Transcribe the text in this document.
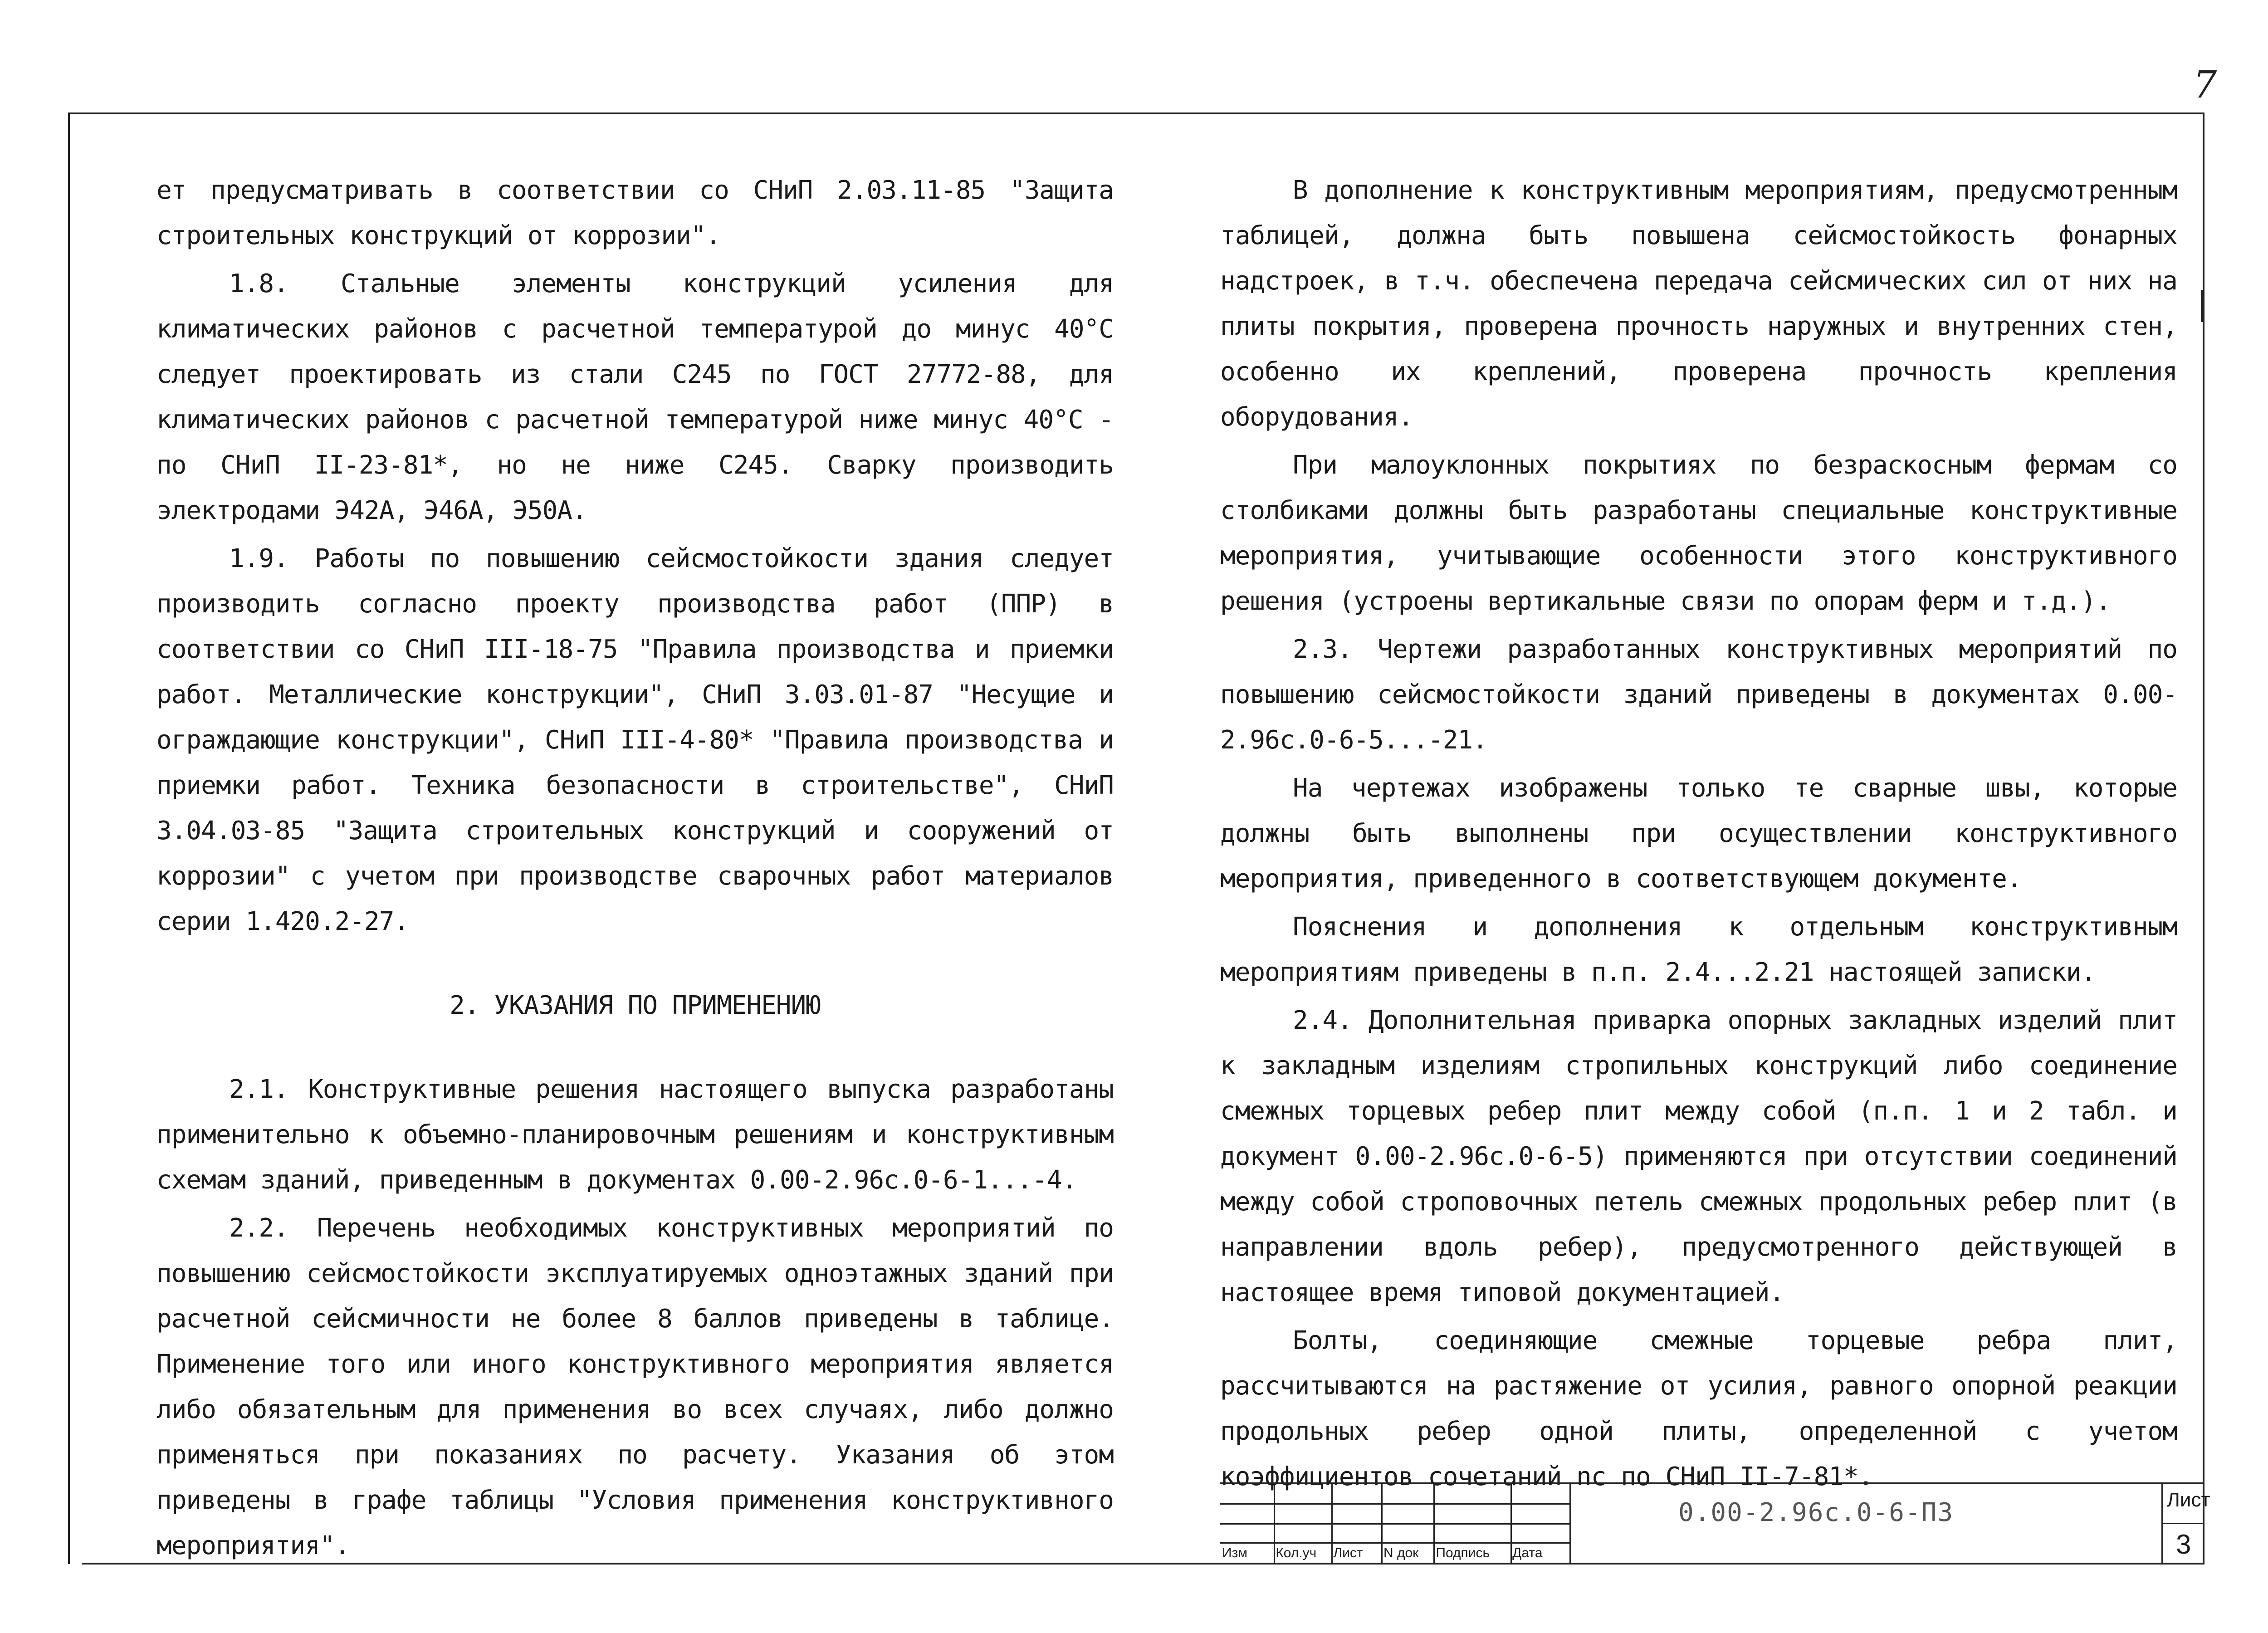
7

ет предусматривать в соответствии со СНиП 2.03.11-85 "Защита строительных конструкций от коррозии".

1.8. Стальные элементы конструкций усиления для климатических районов с расчетной температурой до минус 40°С следует проектировать из стали С245 по ГОСТ 27772-88, для климатических районов с расчетной температурой ниже минус 40°С - по СНиП II-23-81*, но не ниже С245. Сварку производить электродами Э42А, Э46А, Э50А.

1.9. Работы по повышению сейсмостойкости здания следует производить согласно проекту производства работ (ППР) в соответствии со СНиП III-18-75 "Правила производства и приемки работ. Металлические конструкции", СНиП 3.03.01-87 "Несущие и ограждающие конструкции", СНиП III-4-80* "Правила производства и приемки работ. Техника безопасности в строительстве", СНиП 3.04.03-85 "Защита строительных конструкций и сооружений от коррозии" с учетом при производстве сварочных работ материалов серии 1.420.2-27.

2. УКАЗАНИЯ ПО ПРИМЕНЕНИЮ

2.1. Конструктивные решения настоящего выпуска разработаны применительно к объемно-планировочным решениям и конструктивным схемам зданий, приведенным в документах 0.00-2.96с.0-6-1...-4.

2.2. Перечень необходимых конструктивных мероприятий по повышению сейсмостойкости эксплуатируемых одноэтажных зданий при расчетной сейсмичности не более 8 баллов приведены в таблице. Применение того или иного конструктивного мероприятия является либо обязательным для применения во всех случаях, либо должно применяться при показаниях по расчету. Указания об этом приведены в графе таблицы "Условия применения конструктивного мероприятия".

В дополнение к конструктивным мероприятиям, предусмотренным таблицей, должна быть повышена сейсмостойкость фонарных надстроек, в т.ч. обеспечена передача сейсмических сил от них на плиты покрытия, проверена прочность наружных и внутренних стен, особенно их креплений, проверена прочность крепления оборудования.

При малоуклонных покрытиях по безраскосным фермам со столбиками должны быть разработаны специальные конструктивные мероприятия, учитывающие особенности этого конструктивного решения (устроены вертикальные связи по опорам ферм и т.д.).

2.3. Чертежи разработанных конструктивных мероприятий по повышению сейсмостойкости зданий приведены в документах 0.00-2.96с.0-6-5...-21.

На чертежах изображены только те сварные швы, которые должны быть выполнены при осуществлении конструктивного мероприятия, приведенного в соответствующем документе.

Пояснения и дополнения к отдельным конструктивным мероприятиям приведены в п.п. 2.4...2.21 настоящей записки.

2.4. Дополнительная приварка опорных закладных изделий плит к закладным изделиям стропильных конструкций либо соединение смежных торцевых ребер плит между собой (п.п. 1 и 2 табл. и документ 0.00-2.96с.0-6-5) применяются при отсутствии соединений между собой строповочных петель смежных продольных ребер плит (в направлении вдоль ребер), предусмотренного действующей в настоящее время типовой документацией.

Болты, соединяющие смежные торцевые ребра плит, рассчитываются на растяжение от усилия, равного опорной реакции продольных ребер одной плиты, определенной с учетом коэффициентов сочетаний nc по СНиП II-7-81*.

Изм	Кол.уч	Лист	N док	Подпись	Дата
0.00-2.96с.0-6-ПЗ	Лист
3
